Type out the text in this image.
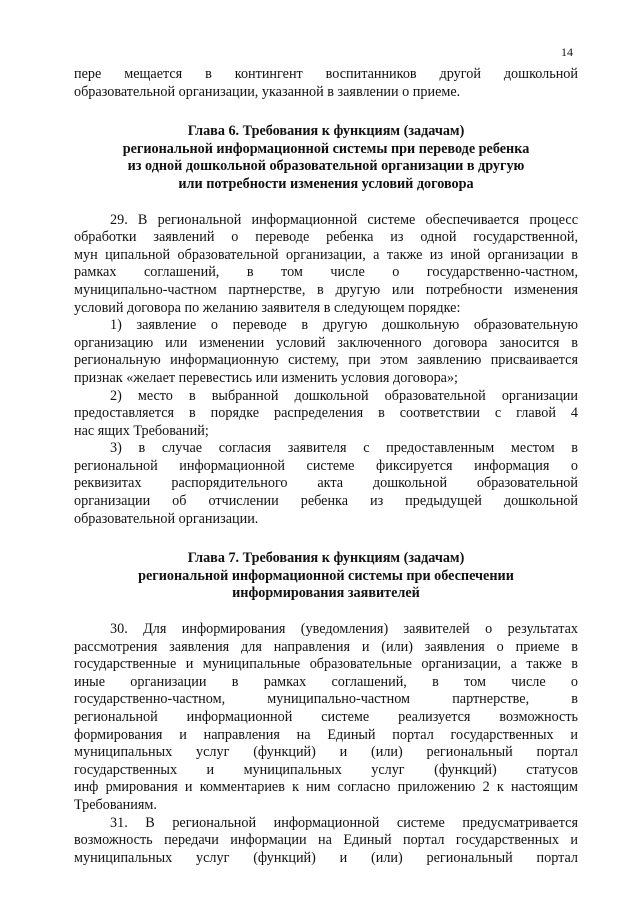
14

пере мещается в контингент воспитанников другой дошкольной

образовательной организации, указанной в заявлении о приеме.

Глава 6. Требования к функциям (задачам)

региональной информационной системы при переводе ребенка

из одной дошкольной образовательной организации в другую

или потребности изменения условий договора

29. В региональной информационной системе обеспечивается процесс

обработки заявлений о переводе ребенка из одной государственной,

мун ципальной образовательной организации, а также из иной организации в

рамках соглашений, в том числе о государственно-частном,

муниципально-частном партнерстве, в другую или потребности изменения

условий договора по желанию заявителя в следующем порядке:

1) заявление о переводе в другую дошкольную образовательную

организацию или изменении условий заключенного договора заносится в

региональную информационную систему, при этом заявлению присваивается

признак «желает перевестись или изменить условия договора»;

2) место в выбранной дошкольной образовательной организации

предоставляется в порядке распределения в соответствии с главой 4

нас ящих Требований;

3) в случае согласия заявителя с предоставленным местом в

региональной информационной системе фиксируется информация о

реквизитах распорядительного акта дошкольной образовательной

организации об отчислении ребенка из предыдущей дошкольной

образовательной организации.

Глава 7. Требования к функциям (задачам)

региональной информационной системы при обеспечении

информирования заявителей

30. Для информирования (уведомления) заявителей о результатах

рассмотрения заявления для направления и (или) заявления о приеме в

государственные и муниципальные образовательные организации, а также в

иные организации в рамках соглашений, в том числе о

государственно-частном, муниципально-частном партнерстве, в

региональной информационной системе реализуется возможность

формирования и направления на Единый портал государственных и

муниципальных услуг (функций) и (или) региональный портал

государственных и муниципальных услуг (функций) статусов

инф рмирования и комментариев к ним согласно приложению 2 к настоящим

Требованиям.

31. В региональной информационной системе предусматривается

возможность передачи информации на Единый портал государственных и

муниципальных услуг (функций) и (или) региональный портал
